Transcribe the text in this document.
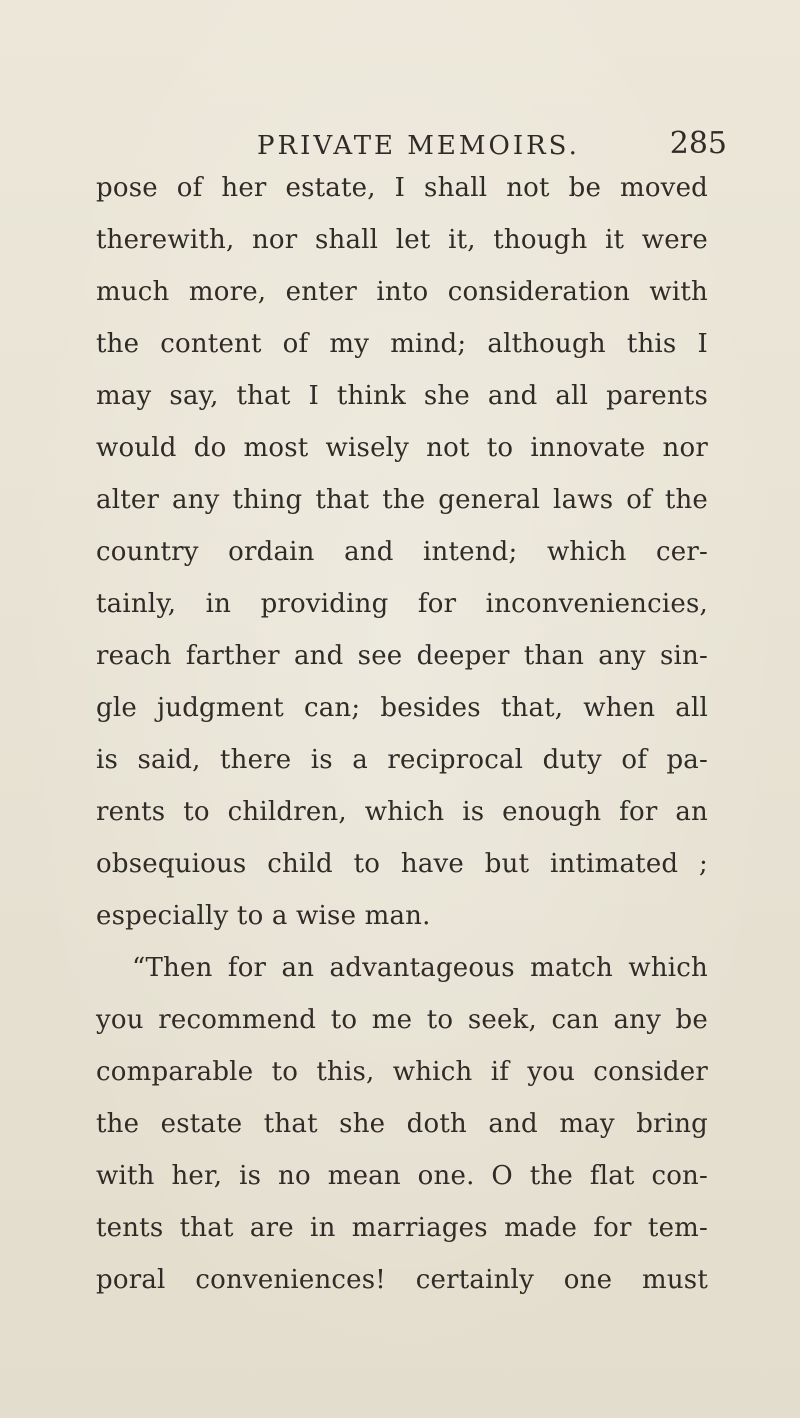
PRIVATE MEMOIRS.	285
pose of her estate, I shall not be moved
therewith, nor shall let it, though it were
much more, enter into consideration with
the content of my mind; although this I
may say, that I think she and all parents
would do most wisely not to innovate nor
alter any thing that the general laws of the
country ordain and intend; which cer-
tainly, in providing for inconveniencies,
reach farther and see deeper than any sin-
gle judgment can; besides that, when all
is said, there is a reciprocal duty of pa-
rents to children, which is enough for an
obsequious child to have but intimated ;
especially to a wise man.
“Then for an advantageous match which
you recommend to me to seek, can any be
comparable to this, which if you consider
the estate that she doth and may bring
with her, is no mean one. O the flat con-
tents that are in marriages made for tem-
poral conveniences! certainly one must
